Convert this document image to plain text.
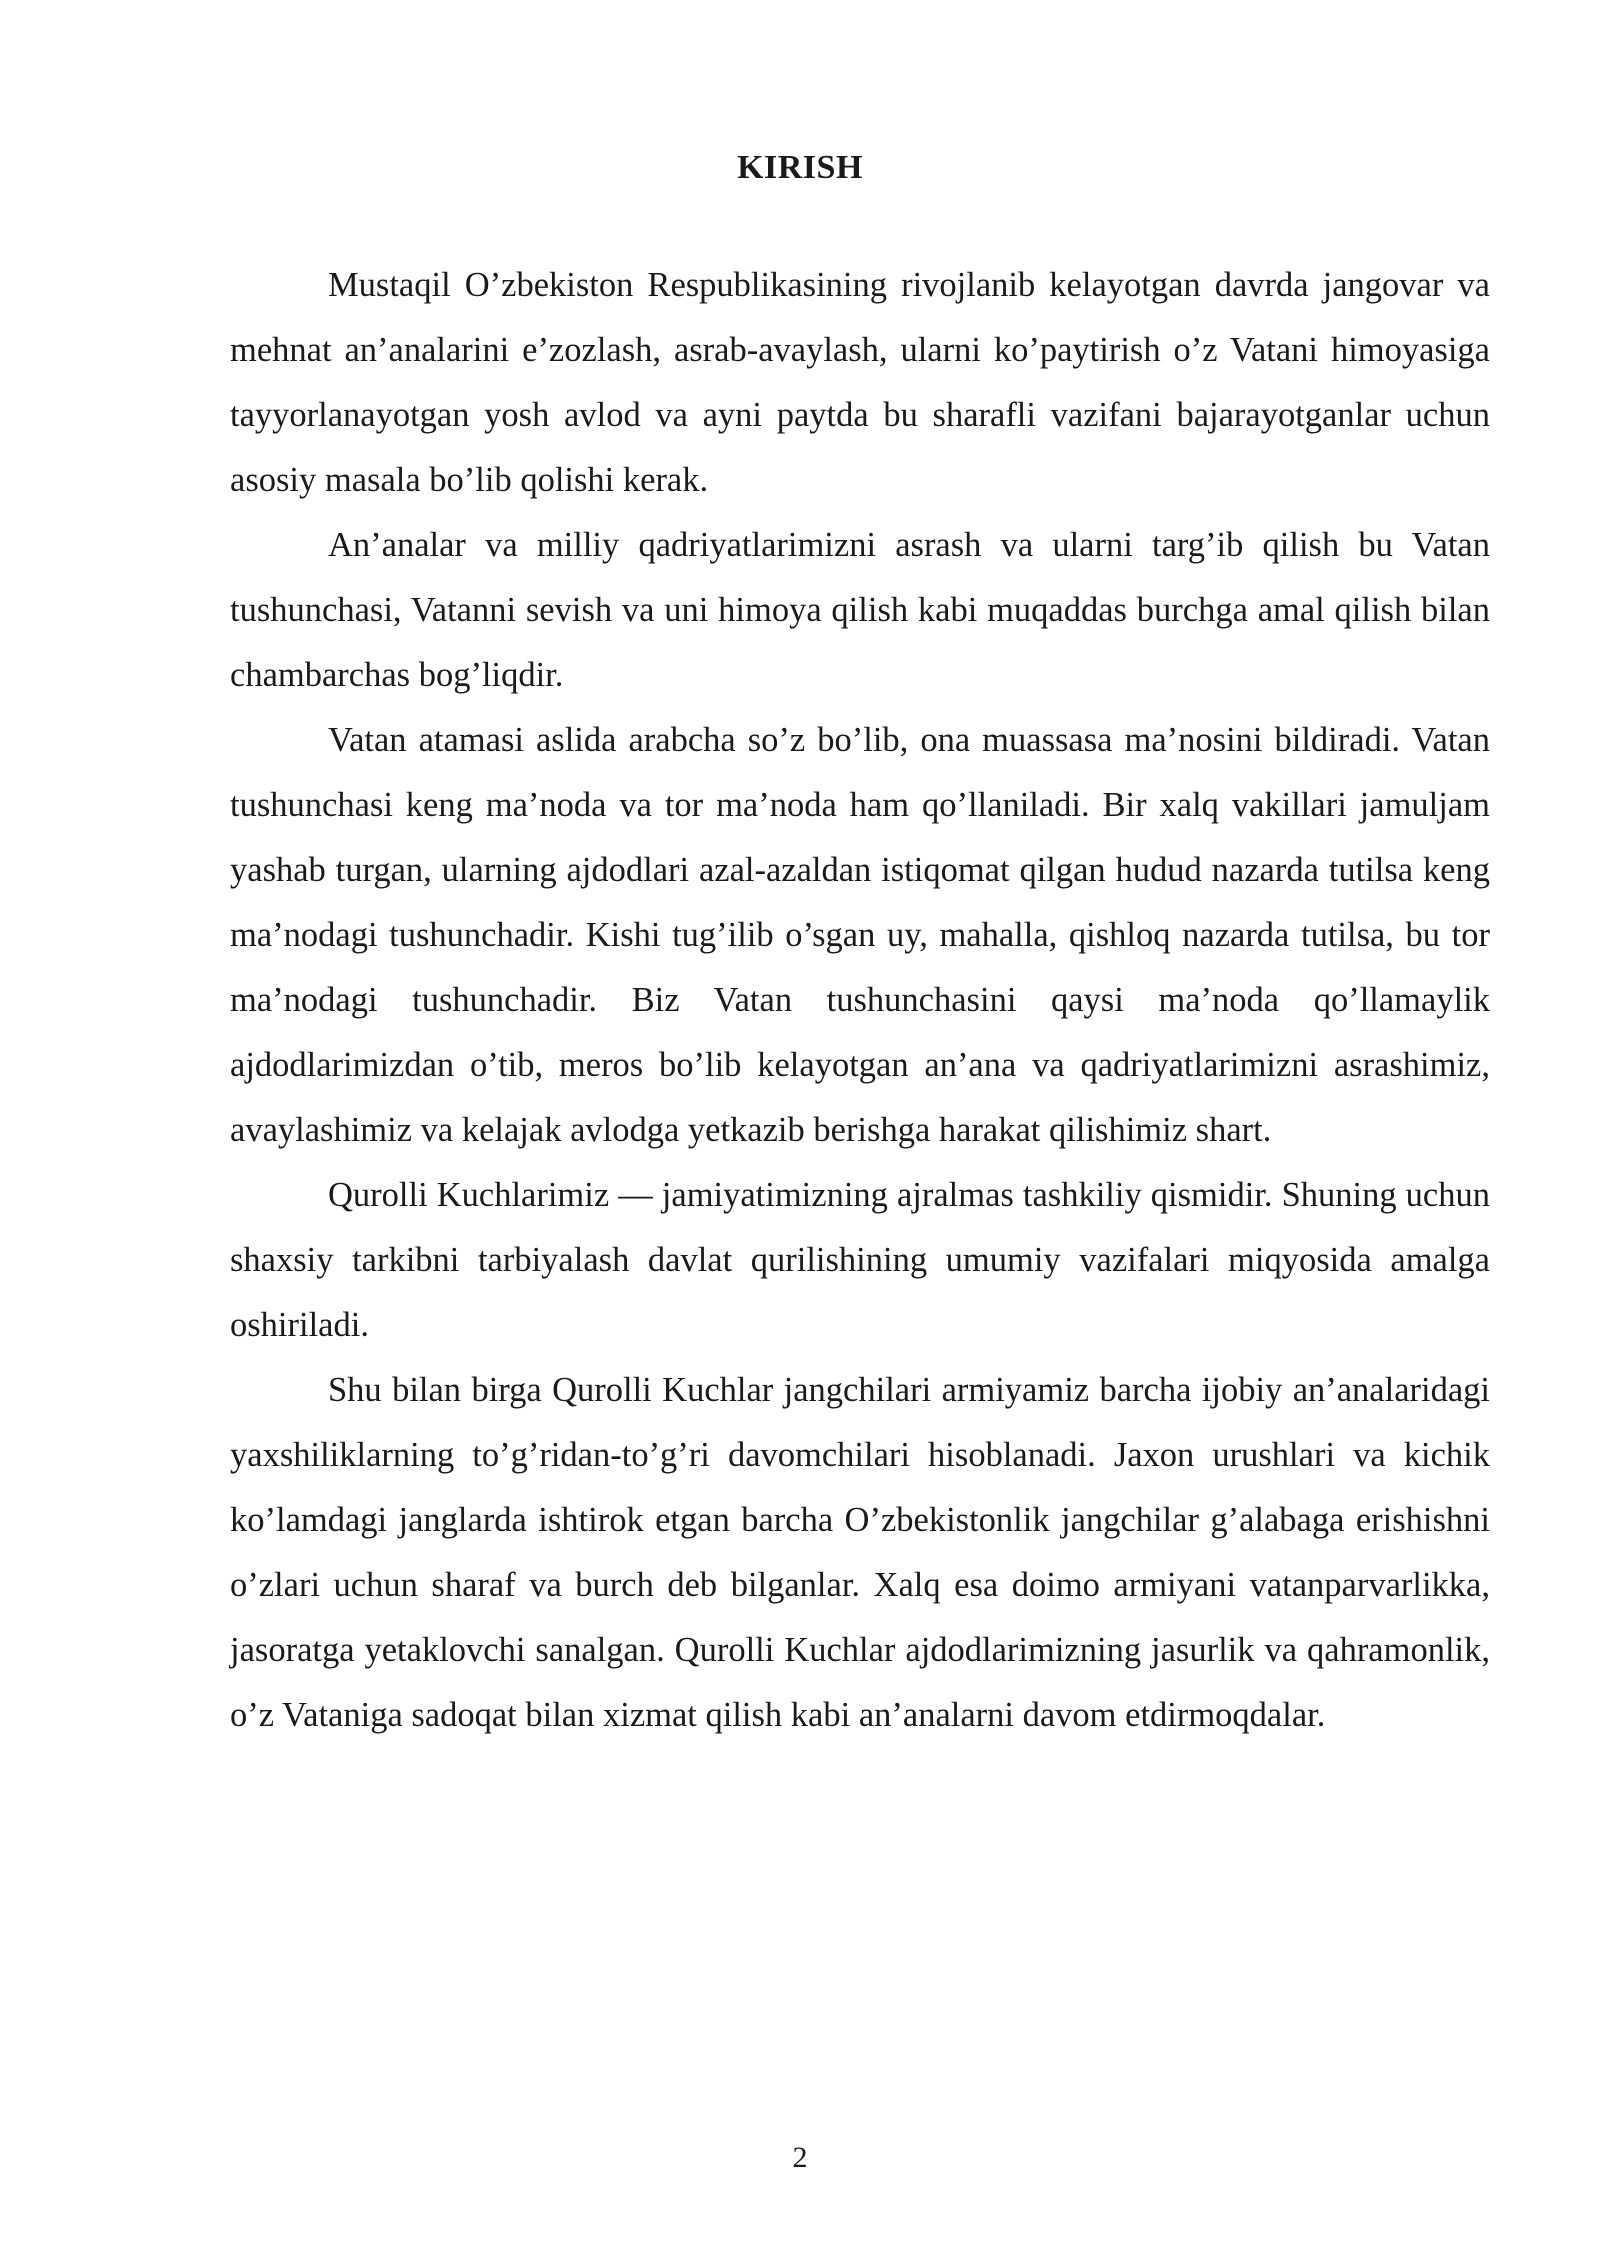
KIRISH

Mustaqil O’zbekiston Respublikasining rivojlanib kelayotgan davrda jangovar va mehnat an’analarini e’zozlash, asrab-avaylash, ularni ko’paytirish o’z Vatani himoyasiga tayyorlanayotgan yosh avlod va ayni paytda bu sharafli vazifani bajarayotganlar uchun asosiy masala bo’lib qolishi kerak.

An’analar va milliy qadriyatlarimizni asrash va ularni targ’ib qilish bu Vatan tushunchasi, Vatanni sevish va uni himoya qilish kabi muqaddas burchga amal qilish bilan chambarchas bog’liqdir.

Vatan atamasi aslida arabcha so’z bo’lib, ona muassasa ma’nosini bildiradi. Vatan tushunchasi keng ma’noda va tor ma’noda ham qo’llaniladi. Bir xalq vakillari jamuljam yashab turgan, ularning ajdodlari azal-azaldan istiqomat qilgan hudud nazarda tutilsa keng ma’nodagi tushunchadir. Kishi tug’ilib o’sgan uy, mahalla, qishloq nazarda tutilsa, bu tor ma’nodagi tushunchadir. Biz Vatan tushunchasini qaysi ma’noda qo’llamaylik ajdodlarimizdan o’tib, meros bo’lib kelayotgan an’ana va qadriyatlarimizni asrashimiz, avaylashimiz va kelajak avlodga yetkazib berishga harakat qilishimiz shart.

Qurolli Kuchlarimiz — jamiyatimizning ajralmas tashkiliy qismidir. Shuning uchun shaxsiy tarkibni tarbiyalash davlat qurilishining umumiy vazifalari miqyosida amalga oshiriladi.

Shu bilan birga Qurolli Kuchlar jangchilari armiyamiz barcha ijobiy an’analaridagi yaxshiliklarning to’g’ridan-to’g’ri davomchilari hisoblanadi. Jaxon urushlari va kichik ko’lamdagi janglarda ishtirok etgan barcha O’zbekistonlik jangchilar g’alabaga erishishni o’zlari uchun sharaf va burch deb bilganlar. Xalq esa doimo armiyani vatanparvarlikka, jasoratga yetaklovchi sanalgan. Qurolli Kuchlar ajdodlarimizning jasurlik va qahramonlik, o’z Vataniga sadoqat bilan xizmat qilish kabi an’analarni davom etdirmoqdalar.

2
